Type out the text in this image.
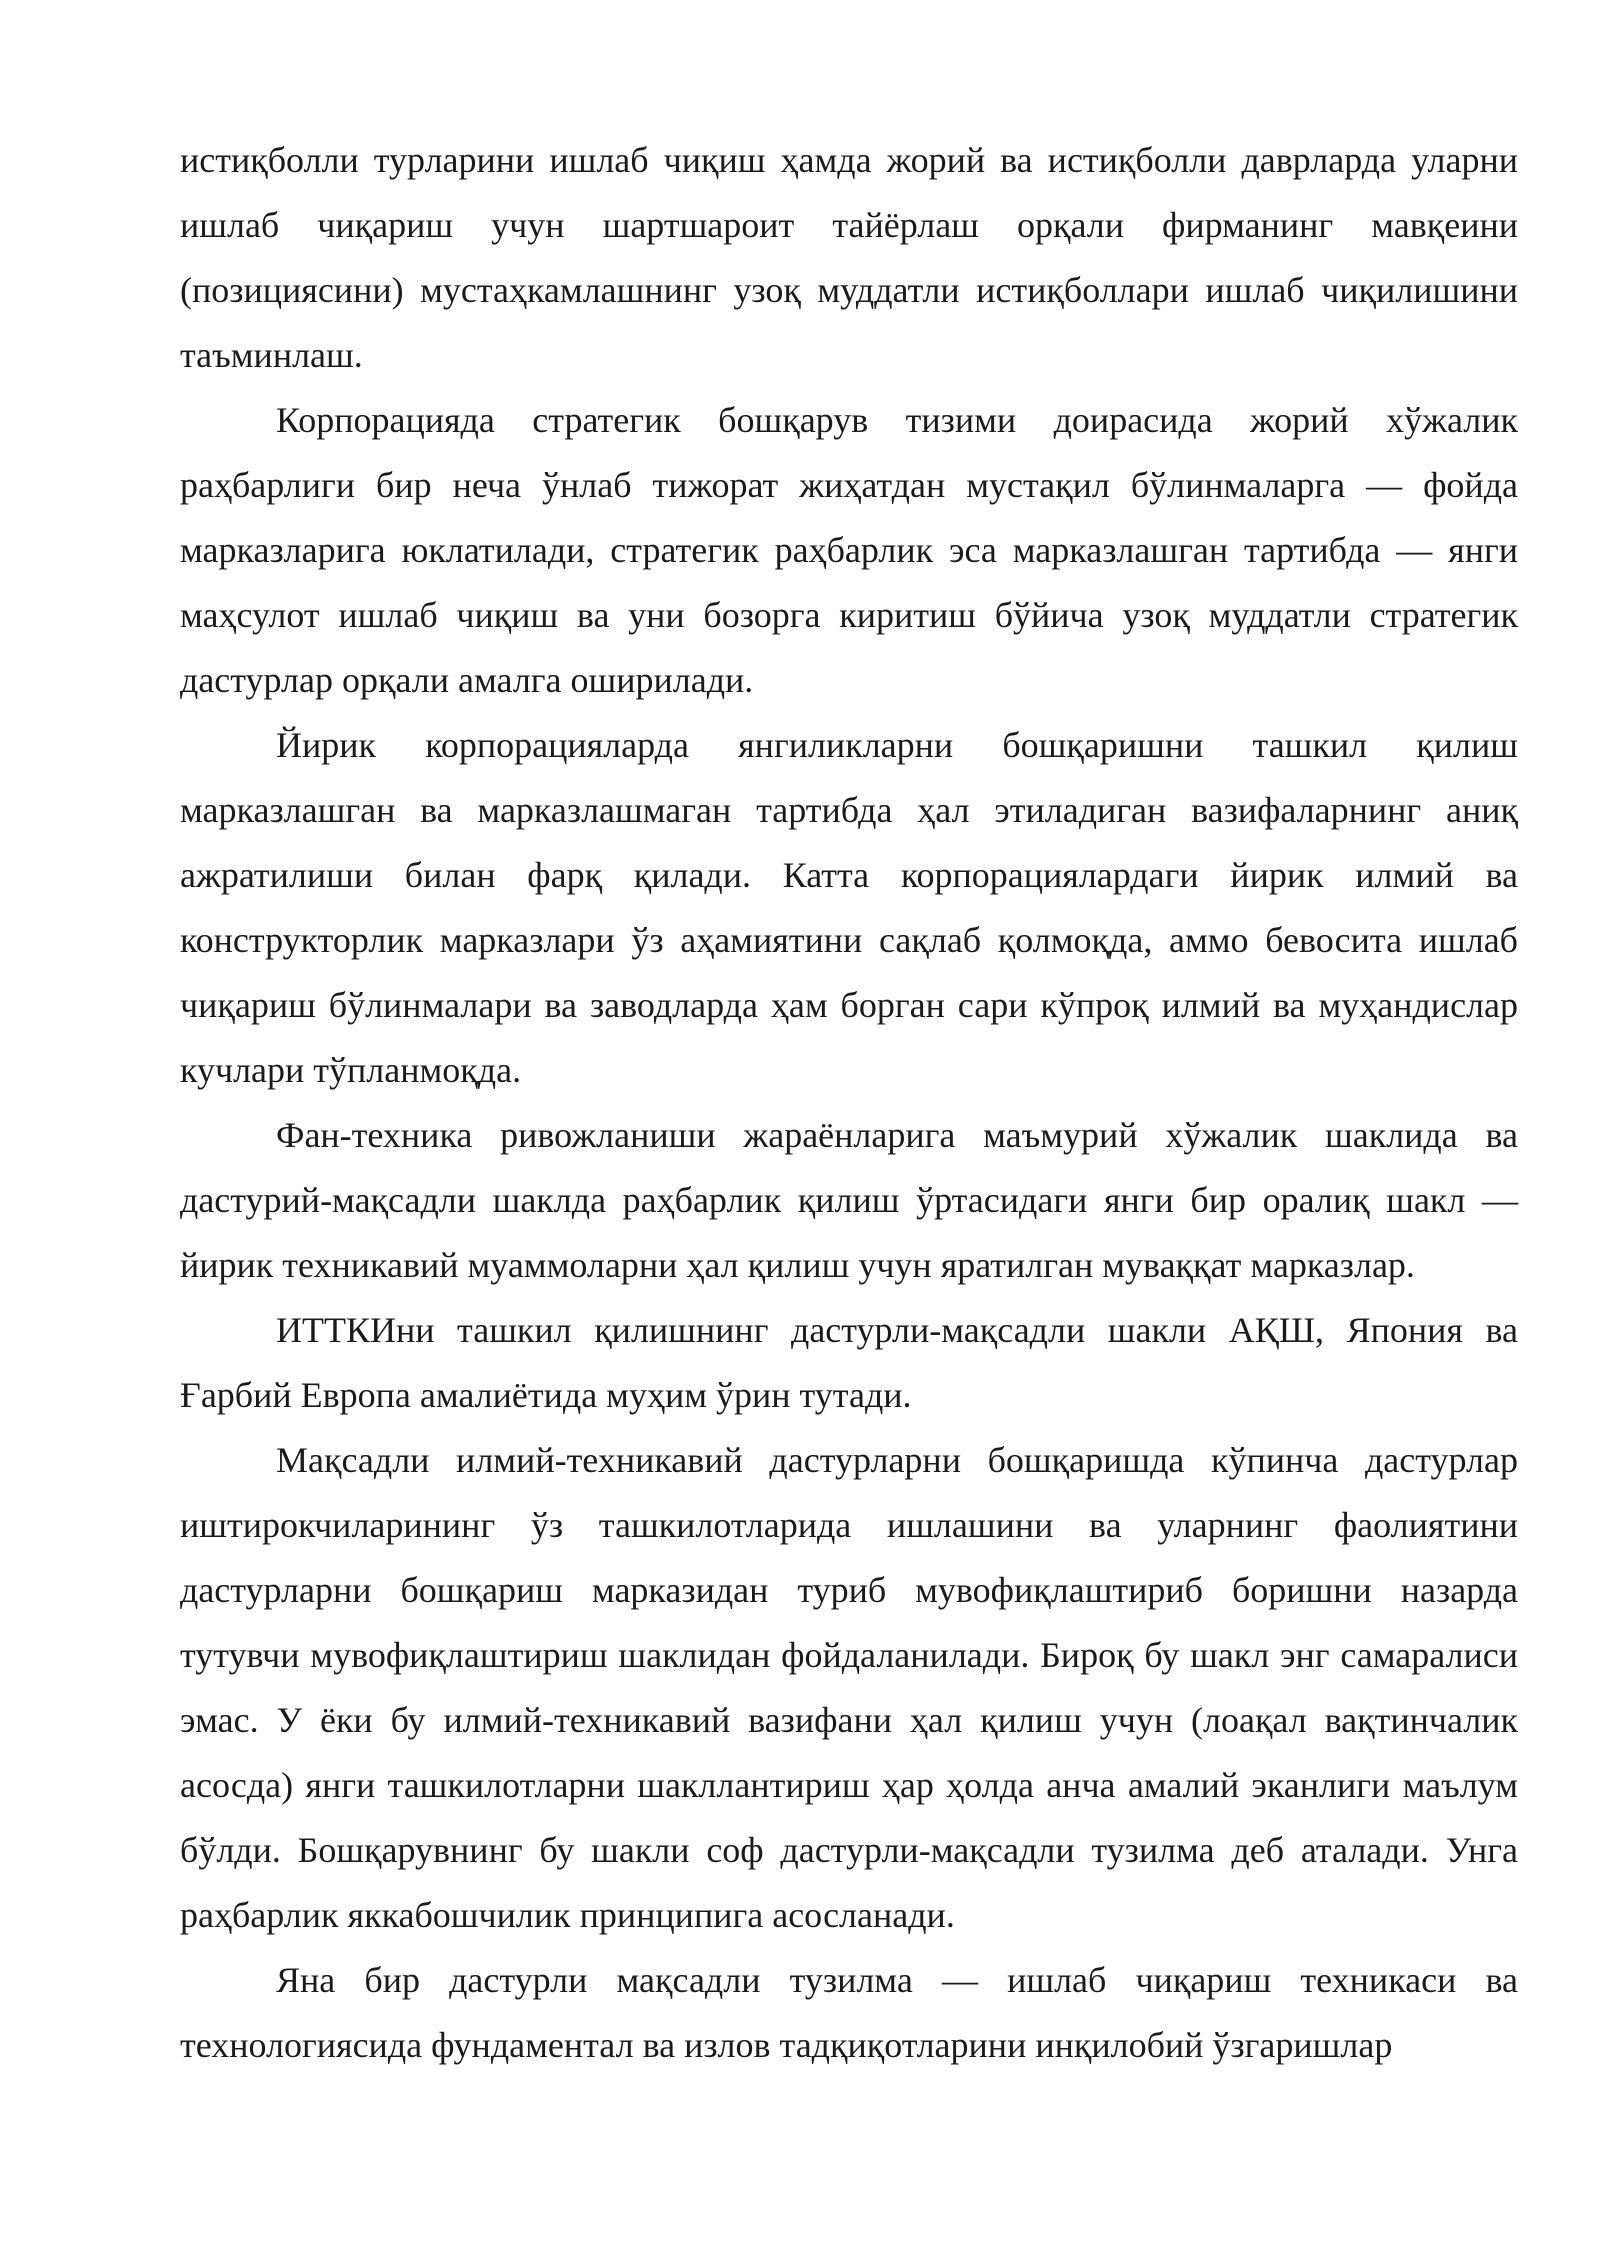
истиқболли турларини ишлаб чиқиш ҳамда жорий ва истиқболли даврларда уларни ишлаб чиқариш учун шартшароит тайёрлаш орқали фирманинг мавқеини (позициясини) мустаҳкамлашнинг узоқ муддатли истиқболлари ишлаб чиқилишини таъминлаш.

Корпорацияда стратегик бошқарув тизими доирасида жорий хўжалик раҳбарлиги бир неча ўнлаб тижорат жиҳатдан мустақил бўлинмаларга — фойда марказларига юклатилади, стратегик раҳбарлик эса марказлашган тартибда — янги маҳсулот ишлаб чиқиш ва уни бозорга киритиш бўйича узоқ муддатли стратегик дастурлар орқали амалга оширилади.

Йирик корпорацияларда янгиликларни бошқаришни ташкил қилиш марказлашган ва марказлашмаган тартибда ҳал этиладиган вазифаларнинг аниқ ажратилиши билан фарқ қилади. Катта корпорациялардаги йирик илмий ва конструкторлик марказлари ўз аҳамиятини сақлаб қолмоқда, аммо бевосита ишлаб чиқариш бўлинмалари ва заводларда ҳам борган сари кўпроқ илмий ва муҳандислар кучлари тўпланмоқда.

Фан-техника ривожланиши жараёнларига маъмурий хўжалик шаклида ва дастурий-мақсадли шаклда раҳбарлик қилиш ўртасидаги янги бир оралиқ шакл — йирик техникавий муаммоларни ҳал қилиш учун яратилган муваққат марказлар.

ИТТКИни ташкил қилишнинг дастурли-мақсадли шакли АҚШ, Япония ва Ғарбий Европа амалиётида муҳим ўрин тутади.

Мақсадли илмий-техникавий дастурларни бошқаришда кўпинча дастурлар иштирокчиларининг ўз ташкилотларида ишлашини ва уларнинг фаолиятини дастурларни бошқариш марказидан туриб мувофиқлаштириб боришни назарда тутувчи мувофиқлаштириш шаклидан фойдаланилади. Бироқ бу шакл энг самаралиси эмас. У ёки бу илмий-техникавий вазифани ҳал қилиш учун (лоақал вақтинчалик асосда) янги ташкилотларни шакллантириш ҳар ҳолда анча амалий эканлиги маълум бўлди. Бошқарувнинг бу шакли соф дастурли-мақсадли тузилма деб аталади. Унга раҳбарлик яккабошчилик принципига асосланади.

Яна бир дастурли мақсадли тузилма — ишлаб чиқариш техникаси ва технологиясида фундаментал ва излов тадқиқотларини инқилобий ўзгаришлар
